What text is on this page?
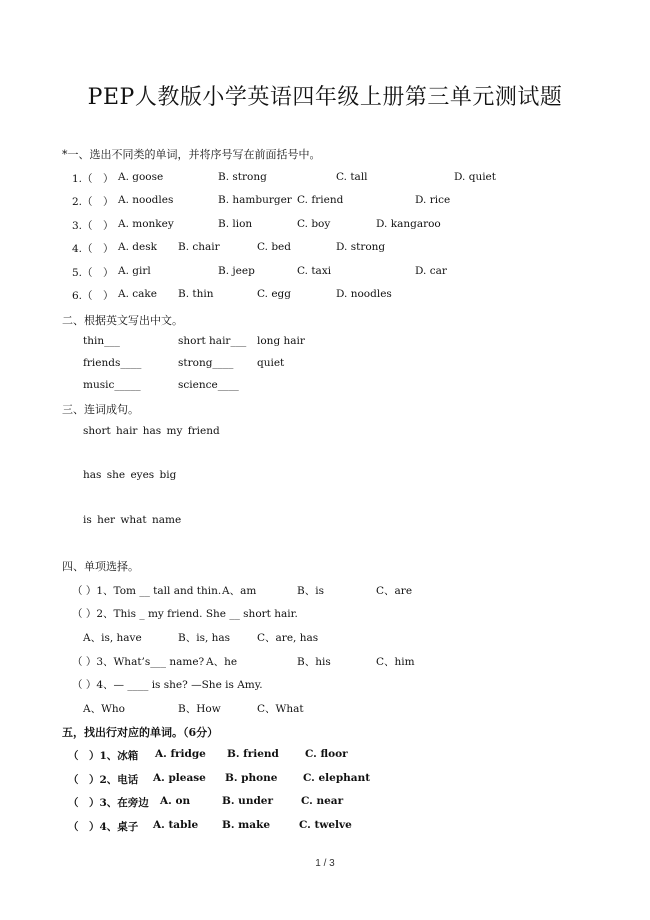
PEP人教版小学英语四年级上册第三单元测试题
*一、选出不同类的单词，并将序号写在前面括号中。
1.（　） A. goose	B. strong	C. tall	D. quiet
2.（　） A. noodles	B. hamburger C. friend	D. rice
3.（　） A. monkey	B. lion	C. boy	D. kangaroo
4.（　） A. desk B. chair	C. bed	D. strong
5.（　） A. girl	B. jeep	C. taxi	D. car
6.（　） A. cake B. thin	C. egg	D. noodles
二、根据英文写出中文。
thin___	short hair___ long hair
friends____	strong____ quiet
music_____	science____
三、连词成句。
short hair has my friend
has she eyes big
is her what name
四、单项选择。
（ ）1、Tom __ tall and thin. A、am	B、is	C、are
（ ）2、This _ my friend. She __ short hair.
A、is, have	B、is, has	C、are, has
（ ）3、What’s___ name? A、he	B、his	C、him
（ ）4、— ____ is she? —She is Amy.
A、Who	B、How	C、What
五，找出行对应的单词。（6分）
（　）1、冰箱 A. fridge B. friend C. floor
（　）2、电话 A. please B. phone C. elephant
（　）3、在旁边 A. on	B. under	C. near
（　）4、桌子 A. table B. make	C. twelve
1 / 3
